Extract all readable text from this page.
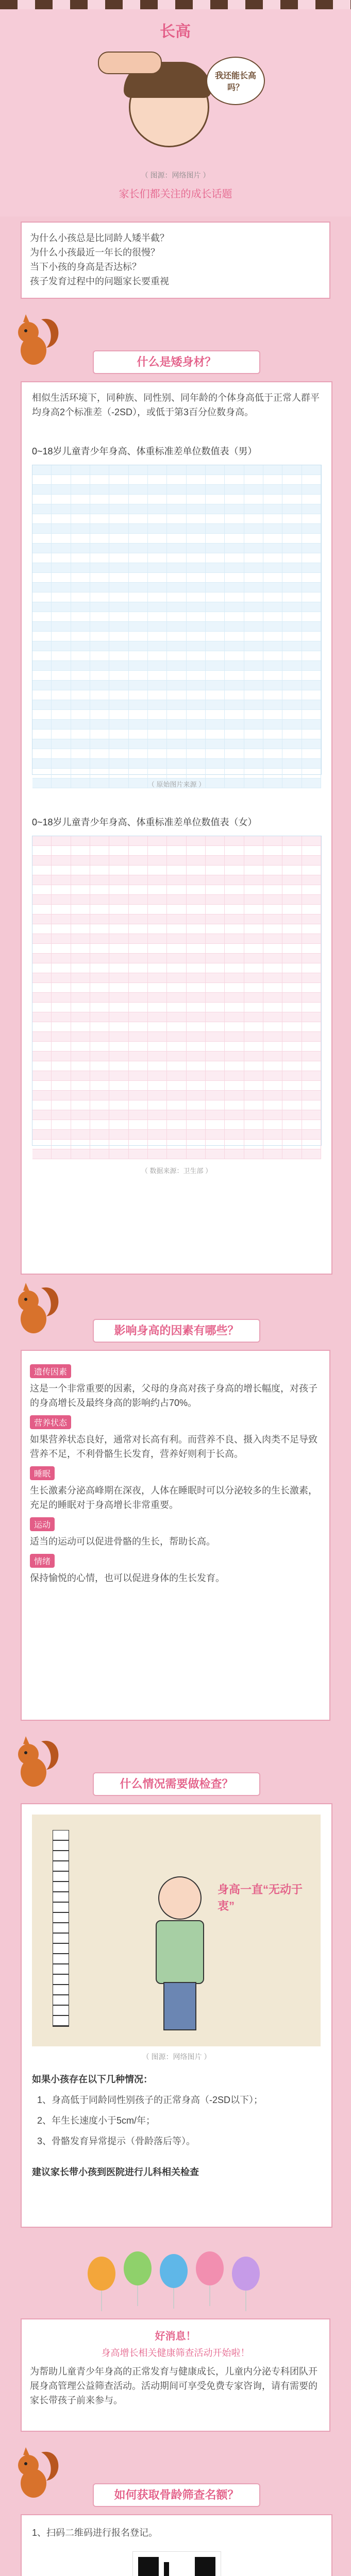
长高
我还能长高吗？
（ 图源：网络图片 ）
家长们都关注的成长话题
为什么小孩总是比同龄人矮半截？
为什么小孩最近一年长的很慢？
当下小孩的身高是否达标？
孩子发育过程中的问题家长要重视
什么是矮身材？
相似生活环境下，同种族、同性别、同年龄的个体身高低于正常人群平均身高2个标准差（-2SD），或低于第3百分位数身高。
0~18岁儿童青少年身高、体重标准差单位数值表（男）
（ 原始图片来源 ）
0~18岁儿童青少年身高、体重标准差单位数值表（女）
（ 数据来源：卫生部 ）
影响身高的因素有哪些？
遗传因素
这是一个非常重要的因素，父母的身高对孩子身高的增长幅度，对孩子的身高增长及最终身高的影响约占70%。
营养状态
如果营养状态良好，通常对长高有利。而营养不良、摄入肉类不足导致营养不足，不利骨骼生长发育，营养好则利于长高。
睡眠
生长激素分泌高峰期在深夜，人体在睡眠时可以分泌较多的生长激素，充足的睡眠对于身高增长非常重要。
运动
适当的运动可以促进骨骼的生长，帮助长高。
情绪
保持愉悦的心情，也可以促进身体的生长发育。
什么情况需要做检查？
身高一直“无动于衷”
（ 图源：网络图片 ）
如果小孩存在以下几种情况：
1、身高低于同龄同性别孩子的正常身高（-2SD以下）；
2、年生长速度小于5cm/年；
3、骨骼发育异常提示（骨龄落后等）。
建议家长带小孩到医院进行儿科相关检查
好消息！
身高增长相关健康筛查活动开始啦！
为帮助儿童青少年身高的正常发育与健康成长，儿童内分泌专科团队开展身高管理公益筛查活动。活动期间可享受免费专家咨询，请有需要的家长带孩子前来参与。
如何获取骨龄筛查名额？
1、扫码二维码进行报名登记。
